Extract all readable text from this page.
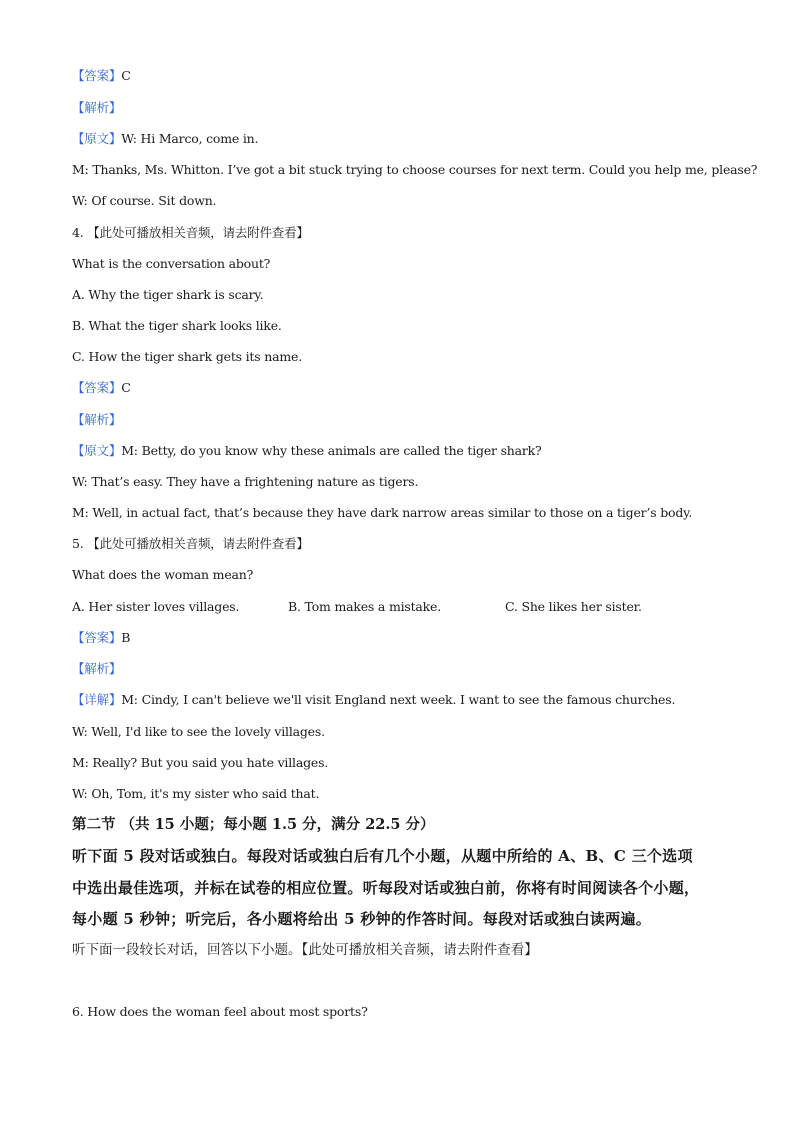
【答案】C
【解析】
【原文】W: Hi Marco, come in.
M: Thanks, Ms. Whitton. I’ve got a bit stuck trying to choose courses for next term. Could you help me, please?
W: Of course. Sit down.
4. 【此处可播放相关音频，请去附件查看】
What is the conversation about?
A. Why the tiger shark is scary.
B. What the tiger shark looks like.
C. How the tiger shark gets its name.
【答案】C
【解析】
【原文】M: Betty, do you know why these animals are called the tiger shark?
W: That’s easy. They have a frightening nature as tigers.
M: Well, in actual fact, that’s because they have dark narrow areas similar to those on a tiger’s body.
5. 【此处可播放相关音频，请去附件查看】
What does the woman mean?
A. Her sister loves villages.	B. Tom makes a mistake.	C. She likes her sister.
【答案】B
【解析】
【详解】M: Cindy, I can't believe we'll visit England next week. I want to see the famous churches.
W: Well, I'd like to see the lovely villages.
M: Really? But you said you hate villages.
W: Oh, Tom, it's my sister who said that.
第二节 （共 15 小题；每小题 1.5 分，满分 22.5 分）
听下面 5 段对话或独白。每段对话或独白后有几个小题，从题中所给的 A、B、C 三个选项
中选出最佳选项，并标在试卷的相应位置。听每段对话或独白前，你将有时间阅读各个小题，
每小题 5 秒钟；听完后，各小题将给出 5 秒钟的作答时间。每段对话或独白读两遍。
听下面一段较长对话，回答以下小题。【此处可播放相关音频，请去附件查看】
6. How does the woman feel about most sports?
